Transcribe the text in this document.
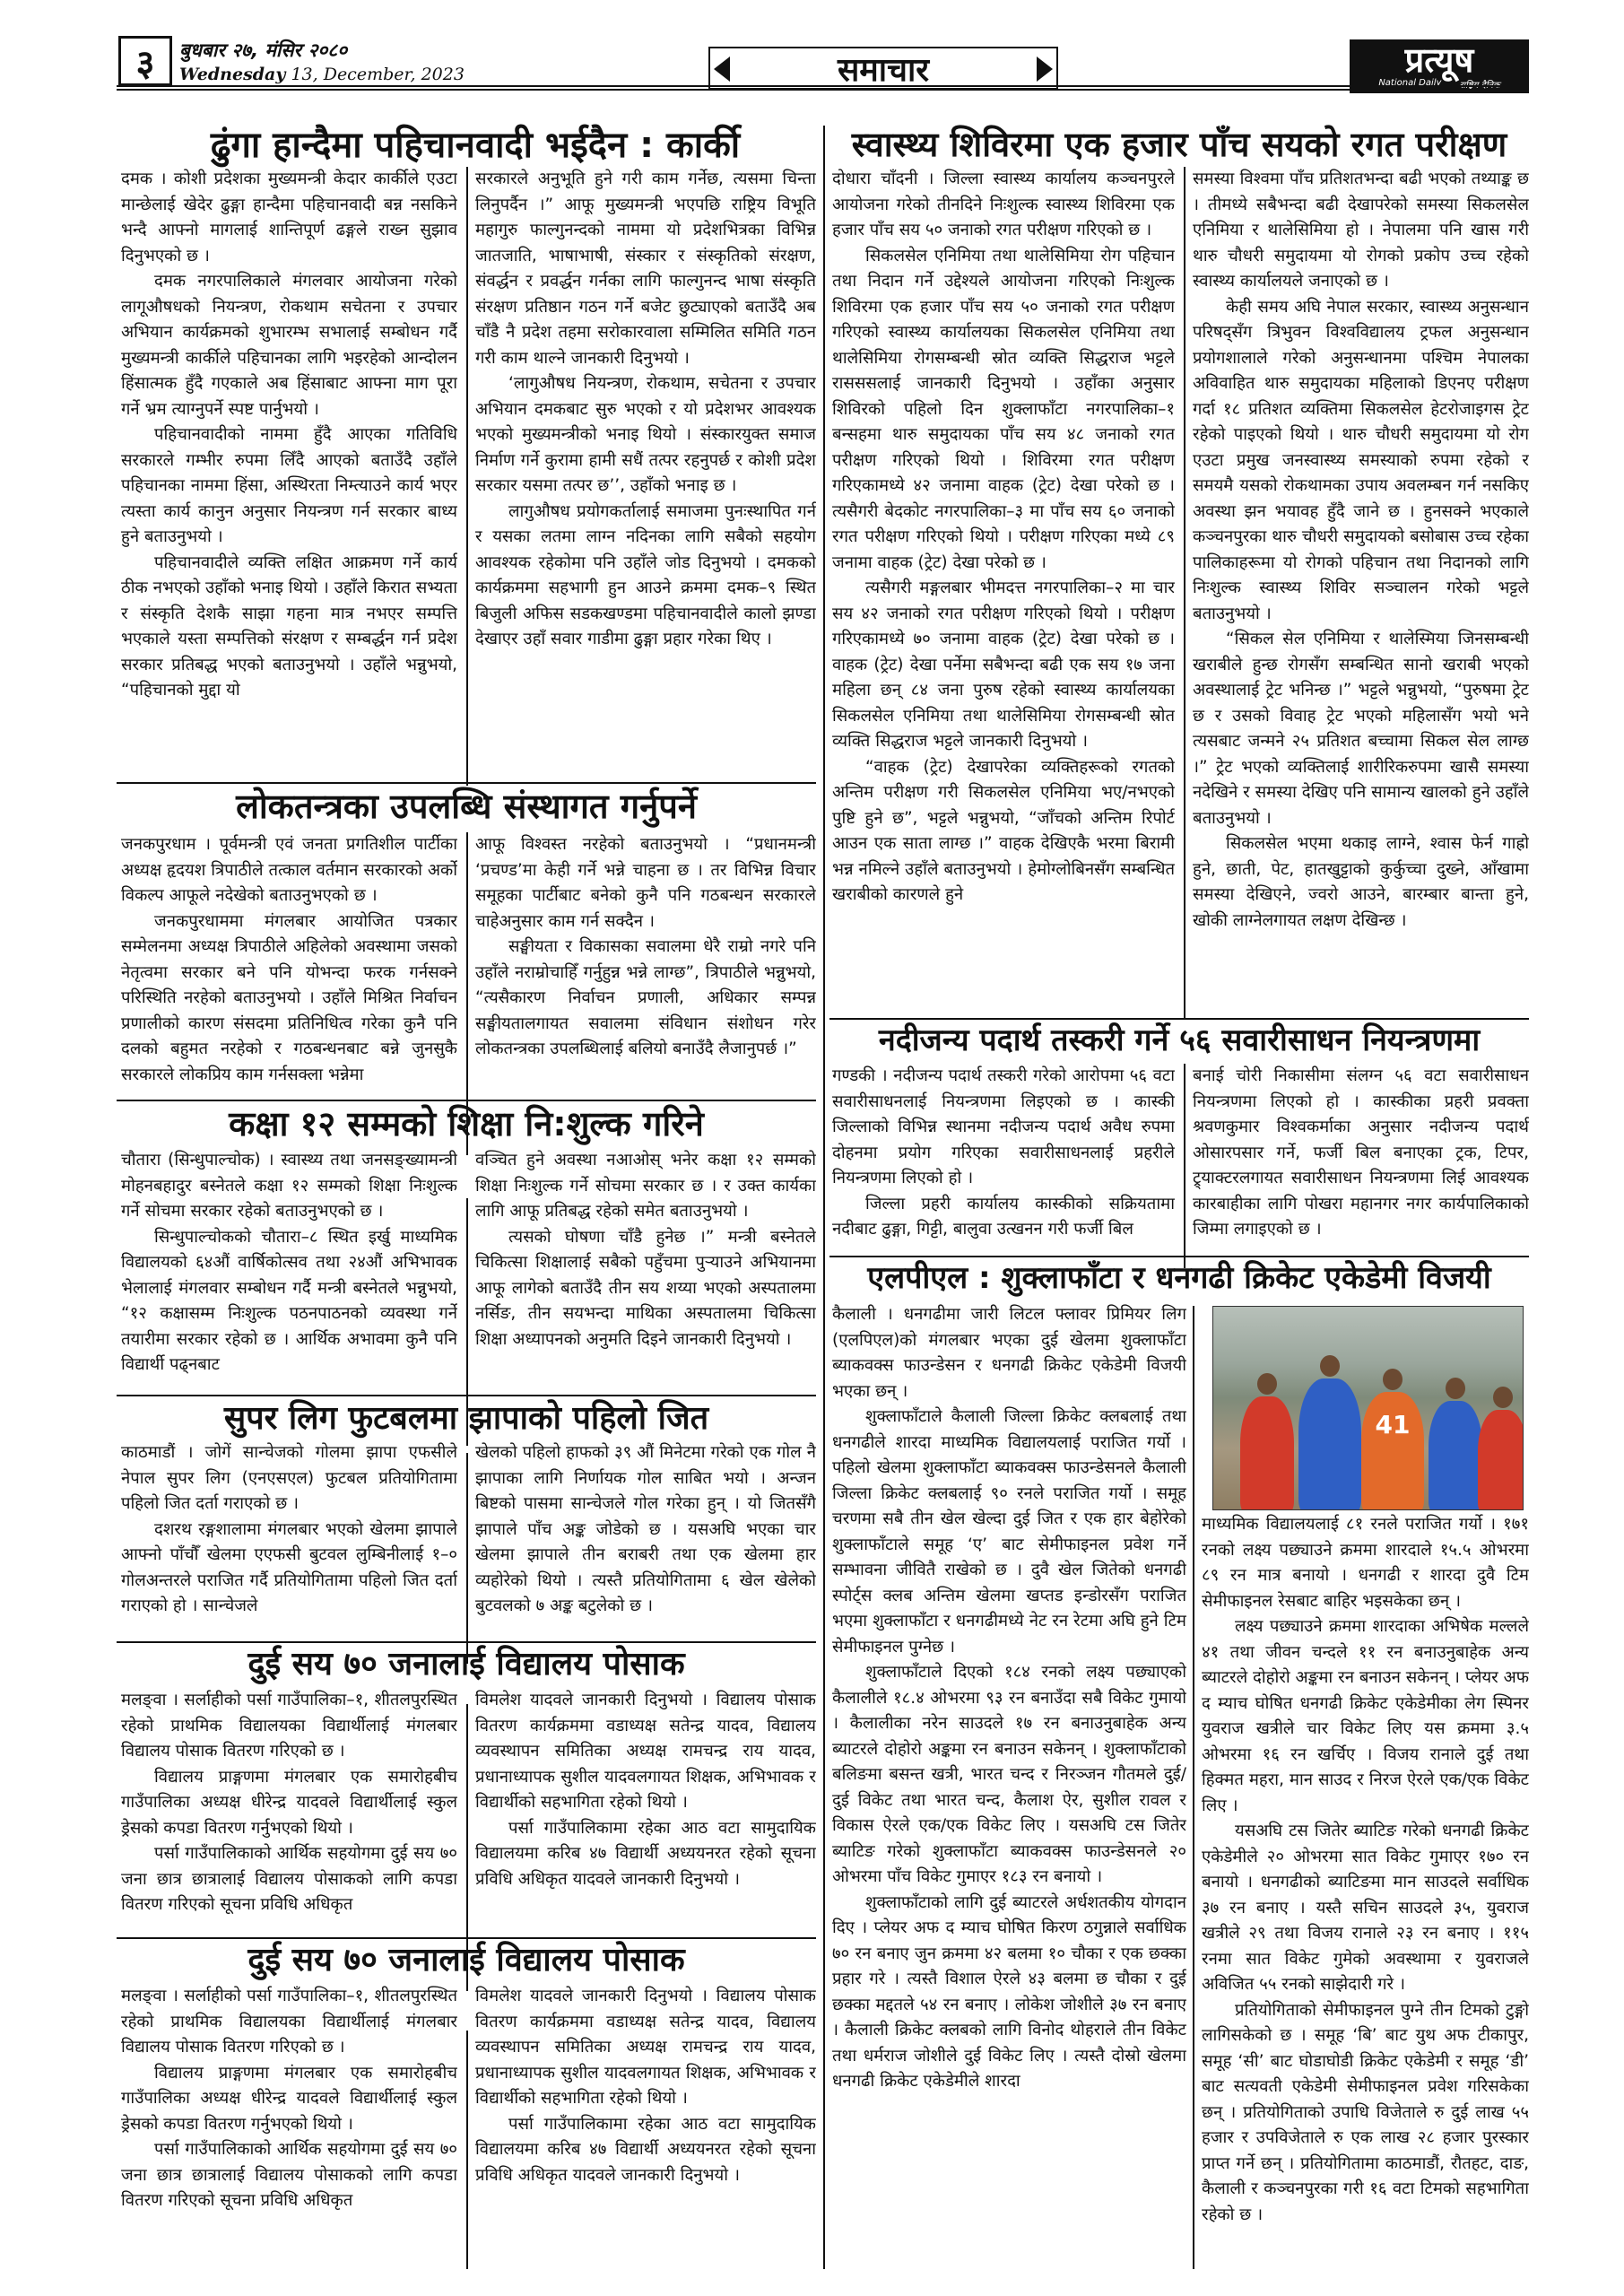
३	बुधबार २७, मंसिर २०८०
Wednesday 13, December, 2023	समाचार	प्रत्यूष
National Daily राष्ट्रिय दैनिक
ढुंगा हान्दैमा पहिचानवादी भईदैन : कार्की

दमक । कोशी प्रदेशका मुख्यमन्त्री केदार कार्कीले एउटा मान्छेलाई खेदेर ढुङ्गा हान्दैमा पहिचानवादी बन्न नसकिने भन्दै आफ्नो मागलाई शान्तिपूर्ण ढङ्गले राख्न सुझाव दिनुभएको छ ।

दमक नगरपालिकाले मंगलवार आयोजना गरेको लागूऔषधको नियन्त्रण, रोकथाम सचेतना र उपचार अभियान कार्यक्रमको शुभारम्भ सभालाई सम्बोधन गर्दै मुख्यमन्त्री कार्कीले पहिचानका लागि भइरहेको आन्दोलन हिंसात्मक हुँदै गएकाले अब हिंसाबाट आफ्ना माग पूरा गर्ने भ्रम त्याग्नुपर्ने स्पष्ट पार्नुभयो ।

पहिचानवादीको नाममा हुँदै आएका गतिविधि सरकारले गम्भीर रुपमा लिँदै आएको बताउँदै उहाँले पहिचानका नाममा हिंसा, अस्थिरता निम्त्याउने कार्य भएर त्यस्ता कार्य कानुन अनुसार नियन्त्रण गर्न सरकार बाध्य हुने बताउनुभयो ।

पहिचानवादीले व्यक्ति लक्षित आक्रमण गर्ने कार्य ठीक नभएको उहाँको भनाइ थियो । उहाँले किरात सभ्यता र संस्कृति देशकै साझा गहना मात्र नभएर सम्पत्ति भएकाले यस्ता सम्पत्तिको संरक्षण र सम्बर्द्धन गर्न प्रदेश सरकार प्रतिबद्ध भएको बताउनुभयो । उहाँले भन्नुभयो, “पहिचानको मुद्दा यो

सरकारले अनुभूति हुने गरी काम गर्नेछ, त्यसमा चिन्ता लिनुपर्दैन ।” आफू मुख्यमन्त्री भएपछि राष्ट्रिय विभूति महागुरु फाल्गुनन्दको नाममा यो प्रदेशभित्रका विभिन्न जातजाति, भाषाभाषी, संस्कार र संस्कृतिको संरक्षण, संवर्द्धन र प्रवर्द्धन गर्नका लागि फाल्गुनन्द भाषा संस्कृति संरक्षण प्रतिष्ठान गठन गर्ने बजेट छुट्याएको बताउँदै अब चाँडै नै प्रदेश तहमा सरोकारवाला सम्मिलित समिति गठन गरी काम थाल्ने जानकारी दिनुभयो ।

‘लागुऔषध नियन्त्रण, रोकथाम, सचेतना र उपचार अभियान दमकबाट सुरु भएको र यो प्रदेशभर आवश्यक भएको मुख्यमन्त्रीको भनाइ थियो । संस्कारयुक्त समाज निर्माण गर्ने कुरामा हामी सधैं तत्पर रहनुपर्छ र कोशी प्रदेश सरकार यसमा तत्पर छ’’, उहाँको भनाइ छ ।

लागुऔषध प्रयोगकर्तालाई समाजमा पुनःस्थापित गर्न र यसका लतमा लाग्न नदिनका लागि सबैको सहयोग आवश्यक रहेकोमा पनि उहाँले जोड दिनुभयो । दमकको कार्यक्रममा सहभागी हुन आउने क्रममा दमक–९ स्थित बिजुली अफिस सडकखण्डमा पहिचानवादीले कालो झण्डा देखाएर उहाँ सवार गाडीमा ढुङ्गा प्रहार गरेका थिए ।

लोकतन्त्रका उपलब्धि संस्थागत गर्नुपर्ने

जनकपुरधाम । पूर्वमन्त्री एवं जनता प्रगतिशील पार्टीका अध्यक्ष हृदयश त्रिपाठीले तत्काल वर्तमान सरकारको अर्को विकल्प आफूले नदेखेको बताउनुभएको छ ।

जनकपुरधाममा मंगलबार आयोजित पत्रकार सम्मेलनमा अध्यक्ष त्रिपाठीले अहिलेको अवस्थामा जसको नेतृत्वमा सरकार बने पनि योभन्दा फरक गर्नसक्ने परिस्थिति नरहेको बताउनुभयो । उहाँले मिश्रित निर्वाचन प्रणालीको कारण संसदमा प्रतिनिधित्व गरेका कुनै पनि दलको बहुमत नरहेको र गठबन्धनबाट बन्ने जुनसुकै सरकारले लोकप्रिय काम गर्नसक्ला भन्नेमा

आफू विश्वस्त नरहेको बताउनुभयो । “प्रधानमन्त्री ‘प्रचण्ड’मा केही गर्ने भन्ने चाहना छ । तर विभिन्न विचार समूहका पार्टीबाट बनेको कुनै पनि गठबन्धन सरकारले चाहेअनुसार काम गर्न सक्दैन ।

सङ्घीयता र विकासका सवालमा धेरै राम्रो नगरे पनि उहाँले नराम्रोचाहिँ गर्नुहुन्न भन्ने लाग्छ”, त्रिपाठीले भन्नुभयो, “त्यसैकारण निर्वाचन प्रणाली, अधिकार सम्पन्न सङ्घीयतालगायत सवालमा संविधान संशोधन गरेर लोकतन्त्रका उपलब्धिलाई बलियो बनाउँदै लैजानुपर्छ ।”

कक्षा १२ सम्मको शिक्षा नि:शुल्क गरिने

चौतारा (सिन्धुपाल्चोक) । स्वास्थ्य तथा जनसङ्ख्यामन्त्री मोहनबहादुर बस्नेतले कक्षा १२ सम्मको शिक्षा निःशुल्क गर्ने सोचमा सरकार रहेको बताउनुभएको छ ।

सिन्धुपाल्चोकको चौतारा–८ स्थित इर्खु माध्यमिक विद्यालयको ६४औं वार्षिकोत्सव तथा २४औं अभिभावक भेलालाई मंगलवार सम्बोधन गर्दै मन्त्री बस्नेतले भन्नुभयो, “१२ कक्षासम्म निःशुल्क पठनपाठनको व्यवस्था गर्ने तयारीमा सरकार रहेको छ । आर्थिक अभावमा कुनै पनि विद्यार्थी पढ्नबाट

वञ्चित हुने अवस्था नआओस् भनेर कक्षा १२ सम्मको शिक्षा निःशुल्क गर्ने सोचमा सरकार छ । र उक्त कार्यका लागि आफू प्रतिबद्ध रहेको समेत बताउनुभयो ।

त्यसको घोषणा चाँडै हुनेछ ।” मन्त्री बस्नेतले चिकित्सा शिक्षालाई सबैको पहुँचमा पुऱ्याउने अभियानमा आफू लागेको बताउँदै तीन सय शय्या भएको अस्पतालमा नर्सिङ, तीन सयभन्दा माथिका अस्पतालमा चिकित्सा शिक्षा अध्यापनको अनुमति दिइने जानकारी दिनुभयो ।

सुपर लिग फुटबलमा झापाको पहिलो जित

काठमाडौं । जोगें सान्चेजको गोलमा झापा एफसीले नेपाल सुपर लिग (एनएसएल) फुटबल प्रतियोगितामा पहिलो जित दर्ता गराएको छ ।

दशरथ रङ्गशालामा मंगलबार भएको खेलमा झापाले आफ्नो पाँचौँ खेलमा एएफसी बुटवल लुम्बिनीलाई १–० गोलअन्तरले पराजित गर्दै प्रतियोगितामा पहिलो जित दर्ता गराएको हो । सान्चेजले

खेलको पहिलो हाफको ३९ औं मिनेटमा गरेको एक गोल नै झापाका लागि निर्णायक गोल साबित भयो । अन्जन बिष्टको पासमा सान्चेजले गोल गरेका हुन् । यो जितसँगै झापाले पाँच अङ्क जोडेको छ । यसअघि भएका चार खेलमा झापाले तीन बराबरी तथा एक खेलमा हार व्यहोरेको थियो । त्यस्तै प्रतियोगितामा ६ खेल खेलेको बुटवलको ७ अङ्क बटुलेको छ ।

दुई सय ७० जनालाई विद्यालय पोसाक

मलङ्वा । सर्लाहीको पर्सा गाउँपालिका–१, शीतलपुरस्थित रहेको प्राथमिक विद्यालयका विद्यार्थीलाई मंगलबार विद्यालय पोसाक वितरण गरिएको छ ।

विद्यालय प्राङ्गणमा मंगलबार एक समारोहबीच गाउँपालिका अध्यक्ष धीरेन्द्र यादवले विद्यार्थीलाई स्कुल ड्रेसको कपडा वितरण गर्नुभएको थियो ।

पर्सा गाउँपालिकाको आर्थिक सहयोगमा दुई सय ७० जना छात्र छात्रालाई विद्यालय पोसाकको लागि कपडा वितरण गरिएको सूचना प्रविधि अधिकृत

विमलेश यादवले जानकारी दिनुभयो । विद्यालय पोसाक वितरण कार्यक्रममा वडाध्यक्ष सतेन्द्र यादव, विद्यालय व्यवस्थापन समितिका अध्यक्ष रामचन्द्र राय यादव, प्रधानाध्यापक सुशील यादवलगायत शिक्षक, अभिभावक र विद्यार्थीको सहभागिता रहेको थियो ।

पर्सा गाउँपालिकामा रहेका आठ वटा सामुदायिक विद्यालयमा करिब ४७ विद्यार्थी अध्ययनरत रहेको सूचना प्रविधि अधिकृत यादवले जानकारी दिनुभयो ।

दुई सय ७० जनालाई विद्यालय पोसाक

मलङ्वा । सर्लाहीको पर्सा गाउँपालिका–१, शीतलपुरस्थित रहेको प्राथमिक विद्यालयका विद्यार्थीलाई मंगलबार विद्यालय पोसाक वितरण गरिएको छ ।

विद्यालय प्राङ्गणमा मंगलबार एक समारोहबीच गाउँपालिका अध्यक्ष धीरेन्द्र यादवले विद्यार्थीलाई स्कुल ड्रेसको कपडा वितरण गर्नुभएको थियो ।

पर्सा गाउँपालिकाको आर्थिक सहयोगमा दुई सय ७० जना छात्र छात्रालाई विद्यालय पोसाकको लागि कपडा वितरण गरिएको सूचना प्रविधि अधिकृत

विमलेश यादवले जानकारी दिनुभयो । विद्यालय पोसाक वितरण कार्यक्रममा वडाध्यक्ष सतेन्द्र यादव, विद्यालय व्यवस्थापन समितिका अध्यक्ष रामचन्द्र राय यादव, प्रधानाध्यापक सुशील यादवलगायत शिक्षक, अभिभावक र विद्यार्थीको सहभागिता रहेको थियो ।

पर्सा गाउँपालिकामा रहेका आठ वटा सामुदायिक विद्यालयमा करिब ४७ विद्यार्थी अध्ययनरत रहेको सूचना प्रविधि अधिकृत यादवले जानकारी दिनुभयो ।

स्वास्थ्य शिविरमा एक हजार पाँच सयको रगत परीक्षण

दोधारा चाँदनी । जिल्ला स्वास्थ्य कार्यालय कञ्चनपुरले आयोजना गरेको तीनदिने निःशुल्क स्वास्थ्य शिविरमा एक हजार पाँच सय ५० जनाको रगत परीक्षण गरिएको छ ।

सिकलसेल एनिमिया तथा थालेसिमिया रोग पहिचान तथा निदान गर्ने उद्देश्यले आयोजना गरिएको निःशुल्क शिविरमा एक हजार पाँच सय ५० जनाको रगत परीक्षण गरिएको स्वास्थ्य कार्यालयका सिकलसेल एनिमिया तथा थालेसिमिया रोगसम्बन्धी स्रोत व्यक्ति सिद्धराज भट्टले रासससलाई जानकारी दिनुभयो । उहाँका अनुसार शिविरको पहिलो दिन शुक्लाफाँटा नगरपालिका–१ बन्सहमा थारु समुदायका पाँच सय ४८ जनाको रगत परीक्षण गरिएको थियो । शिविरमा रगत परीक्षण गरिएकामध्ये ४२ जनामा वाहक (ट्रेट) देखा परेको छ । त्यसैगरी बेदकोट नगरपालिका–३ मा पाँच सय ६० जनाको रगत परीक्षण गरिएको थियो । परीक्षण गरिएका मध्ये ८९ जनामा वाहक (ट्रेट) देखा परेको छ ।

त्यसैगरी मङ्गलबार भीमदत्त नगरपालिका–२ मा चार सय ४२ जनाको रगत परीक्षण गरिएको थियो । परीक्षण गरिएकामध्ये ७० जनामा वाहक (ट्रेट) देखा परेको छ । वाहक (ट्रेट) देखा पर्नेमा सबैभन्दा बढी एक सय १७ जना महिला छन् ८४ जना पुरुष रहेको स्वास्थ्य कार्यालयका सिकलसेल एनिमिया तथा थालेसिमिया रोगसम्बन्धी स्रोत व्यक्ति सिद्धराज भट्टले जानकारी दिनुभयो ।

“वाहक (ट्रेट) देखापरेका व्यक्तिहरूको रगतको अन्तिम परीक्षण गरी सिकलसेल एनिमिया भए/नभएको पुष्टि हुने छ”, भट्टले भन्नुभयो, “जाँचको अन्तिम रिपोर्ट आउन एक साता लाग्छ ।” वाहक देखिएकै भरमा बिरामी भन्न नमिल्ने उहाँले बताउनुभयो । हेमोग्लोबिनसँग सम्बन्धित खराबीको कारणले हुने

समस्या विश्वमा पाँच प्रतिशतभन्दा बढी भएको तथ्याङ्क छ । तीमध्ये सबैभन्दा बढी देखापरेको समस्या सिकलसेल एनिमिया र थालेसिमिया हो । नेपालमा पनि खास गरी थारु चौधरी समुदायमा यो रोगको प्रकोप उच्च रहेको स्वास्थ्य कार्यालयले जनाएको छ ।

केही समय अघि नेपाल सरकार, स्वास्थ्य अनुसन्धान परिषद्सँग त्रिभुवन विश्वविद्यालय ट्रफल अनुसन्धान प्रयोगशालाले गरेको अनुसन्धानमा पश्चिम नेपालका अविवाहित थारु समुदायका महिलाको डिएनए परीक्षण गर्दा १८ प्रतिशत व्यक्तिमा सिकलसेल हेटरोजाइगस ट्रेट रहेको पाइएको थियो । थारु चौधरी समुदायमा यो रोग एउटा प्रमुख जनस्वास्थ्य समस्याको रुपमा रहेको र समयमै यसको रोकथामका उपाय अवलम्बन गर्न नसकिए अवस्था झन भयावह हुँदै जाने छ । हुनसक्ने भएकाले कञ्चनपुरका थारु चौधरी समुदायको बसोबास उच्च रहेका पालिकाहरूमा यो रोगको पहिचान तथा निदानको लागि निःशुल्क स्वास्थ्य शिविर सञ्चालन गरेको भट्टले बताउनुभयो ।

“सिकल सेल एनिमिया र थालेस्मिया जिनसम्बन्धी खराबीले हुन्छ रोगसँग सम्बन्धित सानो खराबी भएको अवस्थालाई ट्रेट भनिन्छ ।” भट्टले भन्नुभयो, “पुरुषमा ट्रेट छ र उसको विवाह ट्रेट भएको महिलासँग भयो भने त्यसबाट जन्मने २५ प्रतिशत बच्चामा सिकल सेल लाग्छ ।” ट्रेट भएको व्यक्तिलाई शारीरिकरुपमा खासै समस्या नदेखिने र समस्या देखिए पनि सामान्य खालको हुने उहाँले बताउनुभयो ।

सिकलसेल भएमा थकाइ लाग्ने, श्वास फेर्न गाह्रो हुने, छाती, पेट, हातखुट्टाको कुर्कुच्चा दुख्ने, आँखामा समस्या देखिएने, ज्वरो आउने, बारम्बार बान्ता हुने, खोकी लाग्नेलगायत लक्षण देखिन्छ ।

नदीजन्य पदार्थ तस्करी गर्ने ५६ सवारीसाधन नियन्त्रणमा

गण्डकी । नदीजन्य पदार्थ तस्करी गरेको आरोपमा ५६ वटा सवारीसाधनलाई नियन्त्रणमा लिइएको छ । कास्की जिल्लाको विभिन्न स्थानमा नदीजन्य पदार्थ अवैध रुपमा दोहनमा प्रयोग गरिएका सवारीसाधनलाई प्रहरीले नियन्त्रणमा लिएको हो ।

जिल्ला प्रहरी कार्यालय कास्कीको सक्रियतामा नदीबाट ढुङ्गा, गिट्टी, बालुवा उत्खनन गरी फर्जी बिल

बनाई चोरी निकासीमा संलग्न ५६ वटा सवारीसाधन नियन्त्रणमा लिएको हो । कास्कीका प्रहरी प्रवक्ता श्रवणकुमार विश्वकर्माका अनुसार नदीजन्य पदार्थ ओसारपसार गर्ने, फर्जी बिल बनाएका ट्रक, टिपर, ट्र्याक्टरलगायत सवारीसाधन नियन्त्रणमा लिई आवश्यक कारबाहीका लागि पोखरा महानगर नगर कार्यपालिकाको जिम्मा लगाइएको छ ।

एलपीएल : शुक्लाफाँटा र धनगढी क्रिकेट एकेडेमी विजयी

कैलाली । धनगढीमा जारी लिटल फ्लावर प्रिमियर लिग (एलपिएल)को मंगलबार भएका दुई खेलमा शुक्लाफाँटा ब्याकवक्स फाउन्डेसन र धनगढी क्रिकेट एकेडेमी विजयी भएका छन् ।

शुक्लाफाँटाले कैलाली जिल्ला क्रिकेट क्लबलाई तथा धनगढीले शारदा माध्यमिक विद्यालयलाई पराजित गर्यो । पहिलो खेलमा शुक्लाफाँटा ब्याकवक्स फाउन्डेसनले कैलाली जिल्ला क्रिकेट क्लबलाई ९० रनले पराजित गर्यो । समूह चरणमा सबै तीन खेल खेल्दा दुई जित र एक हार बेहोरेको शुक्लाफाँटाले समूह ‘ए’ बाट सेमीफाइनल प्रवेश गर्ने सम्भावना जीवितै राखेको छ । दुवै खेल जितेको धनगढी स्पोर्ट्स क्लब अन्तिम खेलमा खप्तड इन्डोरसँग पराजित भएमा शुक्लाफाँटा र धनगढीमध्ये नेट रन रेटमा अघि हुने टिम सेमीफाइनल पुग्नेछ ।

शुक्लाफाँटाले दिएको १८४ रनको लक्ष्य पछ्याएको कैलालीले १८.४ ओभरमा ९३ रन बनाउँदा सबै विकेट गुमायो । कैलालीका नरेन साउदले १७ रन बनाउनुबाहेक अन्य ब्याटरले दोहोरो अङ्कमा रन बनाउन सकेनन् । शुक्लाफाँटाको बलिङमा बसन्त खत्री, भारत चन्द र निरञ्जन गौतमले दुई/दुई विकेट तथा भारत चन्द, कैलाश ऐर, सुशील रावल र विकास ऐरले एक/एक विकेट लिए । यसअघि टस जितेर ब्याटिङ गरेको शुक्लाफाँटा ब्याकवक्स फाउन्डेसनले २० ओभरमा पाँच विकेट गुमाएर १८३ रन बनायो ।

शुक्लाफाँटाको लागि दुई ब्याटरले अर्धशतकीय योगदान दिए । प्लेयर अफ द म्याच घोषित किरण ठगुन्नाले सर्वाधिक ७० रन बनाए जुन क्रममा ४२ बलमा १० चौका र एक छक्का प्रहार गरे । त्यस्तै विशाल ऐरले ४३ बलमा छ चौका र दुई छक्का मद्दतले ५४ रन बनाए । लोकेश जोशीले ३७ रन बनाए । कैलाली क्रिकेट क्लबको लागि विनोद थोहराले तीन विकेट तथा धर्मराज जोशीले दुई विकेट लिए । त्यस्तै दोस्रो खेलमा धनगढी क्रिकेट एकेडेमीले शारदा

माध्यमिक विद्यालयलाई ८१ रनले पराजित गर्यो । १७१ रनको लक्ष्य पछ्याउने क्रममा शारदाले १५.५ ओभरमा ८९ रन मात्र बनायो । धनगढी र शारदा दुवै टिम सेमीफाइनल रेसबाट बाहिर भइसकेका छन् ।

लक्ष्य पछ्याउने क्रममा शारदाका अभिषेक मल्लले ४१ तथा जीवन चन्दले ११ रन बनाउनुबाहेक अन्य ब्याटरले दोहोरो अङ्कमा रन बनाउन सकेनन् । प्लेयर अफ द म्याच घोषित धनगढी क्रिकेट एकेडेमीका लेग स्पिनर युवराज खत्रीले चार विकेट लिए यस क्रममा ३.५ ओभरमा १६ रन खर्चिए । विजय रानाले दुई तथा हिक्मत महरा, मान साउद र निरज ऐरले एक/एक विकेट लिए ।

यसअघि टस जितेर ब्याटिङ गरेको धनगढी क्रिकेट एकेडेमीले २० ओभरमा सात विकेट गुमाएर १७० रन बनायो । धनगढीको ब्याटिङमा मान साउदले सर्वाधिक ३७ रन बनाए । यस्तै सचिन साउदले ३५, युवराज खत्रीले २९ तथा विजय रानाले २३ रन बनाए । ११५ रनमा सात विकेट गुमेको अवस्थामा र युवराजले अविजित ५५ रनको साझेदारी गरे ।

प्रतियोगिताको सेमीफाइनल पुग्ने तीन टिमको टुङ्गो लागिसकेको छ । समूह ‘बि’ बाट युथ अफ टीकापुर, समूह ‘सी’ बाट घोडाघोडी क्रिकेट एकेडेमी र समूह ‘डी’ बाट सत्यवती एकेडेमी सेमीफाइनल प्रवेश गरिसकेका छन् । प्रतियोगिताको उपाधि विजेताले रु दुई लाख ५५ हजार र उपविजेताले रु एक लाख २८ हजार पुरस्कार प्राप्त गर्ने छन् । प्रतियोगितामा काठमाडौं, रौतहट, दाङ, कैलाली र कञ्चनपुरका गरी १६ वटा टिमको सहभागिता रहेको छ ।

41
